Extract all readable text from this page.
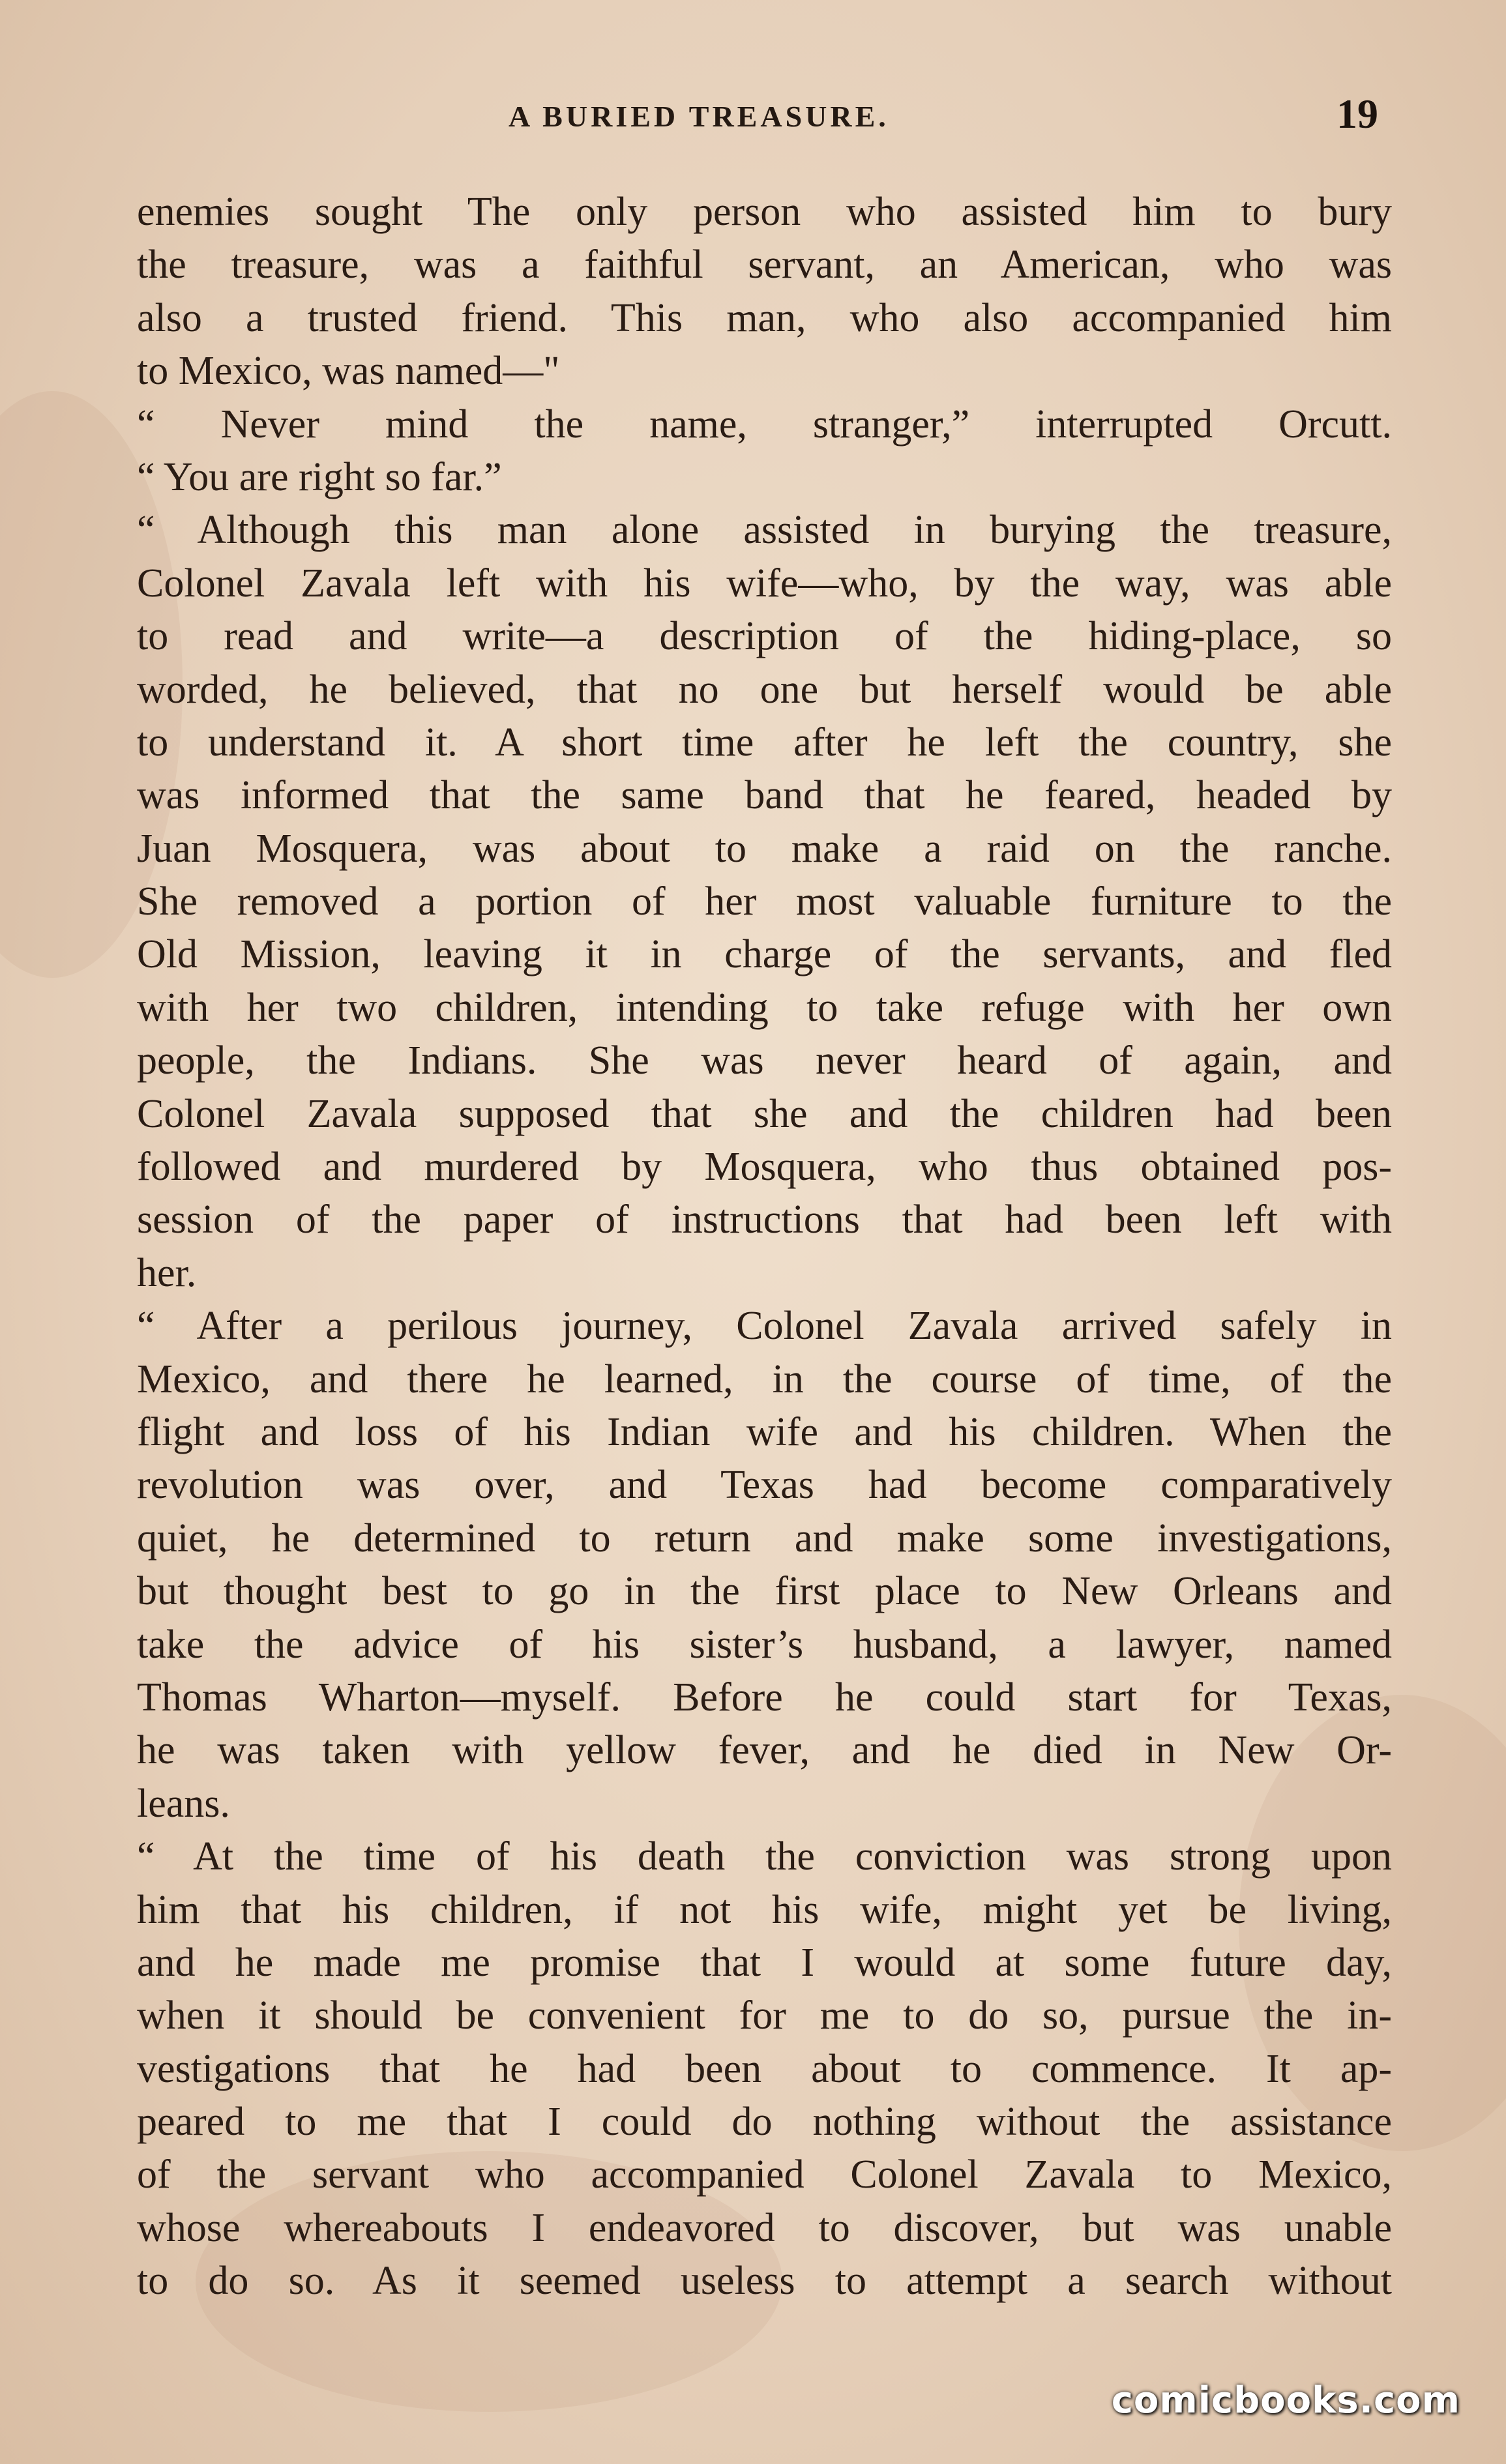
A BURIED TREASURE.	19
enemies sought The only person who assisted him to bury
the treasure, was a faithful servant, an American, who was
also a trusted friend. This man, who also accompanied him
to Mexico, was named—"
“ Never mind the name, stranger,” interrupted Orcutt.
“ You are right so far.”
“ Although this man alone assisted in burying the treasure,
Colonel Zavala left with his wife—who, by the way, was able
to read and write—a description of the hiding-place, so
worded, he believed, that no one but herself would be able
to understand it. A short time after he left the country, she
was informed that the same band that he feared, headed by
Juan Mosquera, was about to make a raid on the ranche.
She removed a portion of her most valuable furniture to the
Old Mission, leaving it in charge of the servants, and fled
with her two children, intending to take refuge with her own
people, the Indians. She was never heard of again, and
Colonel Zavala supposed that she and the children had been
followed and murdered by Mosquera, who thus obtained pos-
session of the paper of instructions that had been left with
her.
“ After a perilous journey, Colonel Zavala arrived safely in
Mexico, and there he learned, in the course of time, of the
flight and loss of his Indian wife and his children. When the
revolution was over, and Texas had become comparatively
quiet, he determined to return and make some investigations,
but thought best to go in the first place to New Orleans and
take the advice of his sister’s husband, a lawyer, named
Thomas Wharton—myself. Before he could start for Texas,
he was taken with yellow fever, and he died in New Or-
leans.
“ At the time of his death the conviction was strong upon
him that his children, if not his wife, might yet be living,
and he made me promise that I would at some future day,
when it should be convenient for me to do so, pursue the in-
vestigations that he had been about to commence. It ap-
peared to me that I could do nothing without the assistance
of the servant who accompanied Colonel Zavala to Mexico,
whose whereabouts I endeavored to discover, but was unable
to do so. As it seemed useless to attempt a search without
comicbooks.com
